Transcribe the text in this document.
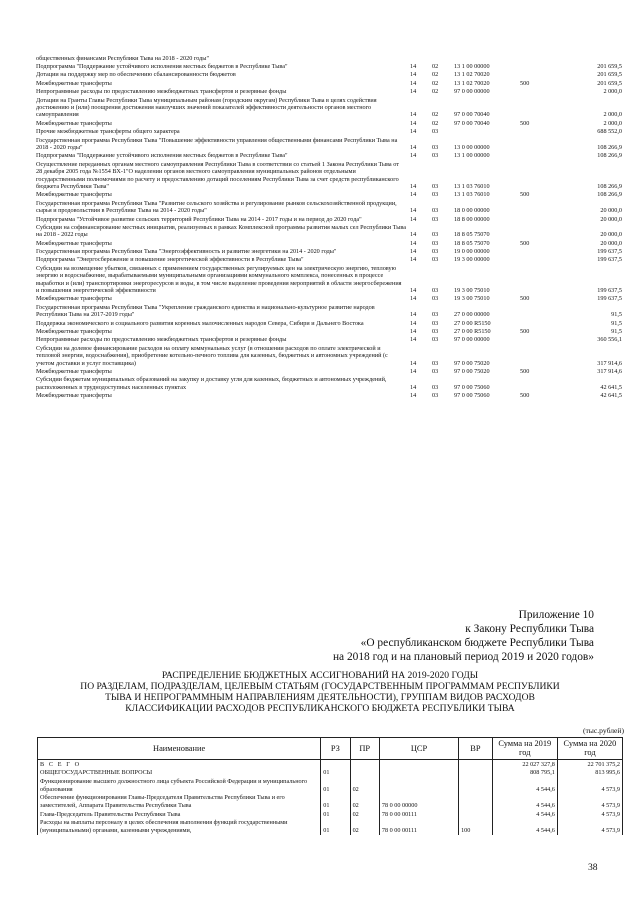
общественных финансами Республики Тыва на 2018 - 2020 годы"					
Подпрограмма "Поддержание устойчивого исполнения местных бюджетов в Республике Тыва"	14	02	13 1 00 00000		201 659,5
Дотации на поддержку мер по обеспечению сбалансированности бюджетов	14	02	13 1 02 70020		201 659,5
Межбюджетные трансферты	14	02	13 1 02 70020	500	201 659,5
Непрограммные расходы по предоставлению межбюджетных трансфертов и резервные фонды	14	02	97 0 00 00000		2 000,0
Дотации на Гранты Главы Республики Тыва муниципальным районам (городским округам) Республики Тыва в целях содействия достижению и (или) поощрения достижения наилучших значений показателей эффективности деятельности органов местного самоуправления	14	02	97 0 00 70040		2 000,0
Межбюджетные трансферты	14	02	97 0 00 70040	500	2 000,0
Прочие межбюджетные трансферты общего характера	14	03			688 552,0
Государственная программа Республики Тыва "Повышение эффективности управления общественными финансами Республики Тыва на 2018 - 2020 годы"	14	03	13 0 00 00000		108 266,9
Подпрограмма "Поддержание устойчивого исполнения местных бюджетов в Республике Тыва"	14	03	13 1 00 00000		108 266,9
Осуществление переданных органам местного самоуправления Республики Тыва в соответствии со статьей 1 Закона Республики Тыва от 28 декабря 2005 года №1554 ВХ-1"О наделении органов местного самоуправления муниципальных районов отдельными государственными полномочиями по расчету и предоставлению дотаций поселениям Республики Тыва за счет средств республиканского бюджета Республики Тыва"	14	03	13 1 03 76010		108 266,9
Межбюджетные трансферты	14	03	13 1 03 76010	500	108 266,9
Государственная программа Республики Тыва "Развитие сельского хозяйства и регулирование рынков сельскохозяйственной продукции, сырья и продовольствия в Республике Тыва на 2014 - 2020 годы"	14	03	18 0 00 00000		20 000,0
Подпрограмма "Устойчивое развитие сельских территорий Республики Тыва на 2014 - 2017 годы и на период до 2020 года"	14	03	18 8 00 00000		20 000,0
Субсидии на софинансирование местных инициатив, реализуемых в рамках Комплексной программы развития малых сел Республики Тыва на 2018 - 2022 годы	14	03	18 8 05 75070		20 000,0
Межбюджетные трансферты	14	03	18 8 05 75070	500	20 000,0
Государственная программа Республики Тыва "Энергоэффективность и развитие энергетики на 2014 - 2020 годы"	14	03	19 0 00 00000		199 637,5
Подпрограмма "Энергосбережение и повышение энергетической эффективности в Республике Тыва"	14	03	19 3 00 00000		199 637,5
Субсидии на возмещение убытков, связанных с применением государственных регулируемых цен на электрическую энергию, тепловую энергию и водоснабжение, вырабатываемыми муниципальными организациями коммунального комплекса, понесенных в процессе выработки и (или) транспортировки энергоресурсов и воды, в том числе выделение проведения мероприятий в области энергосбережения и повышения энергетической эффективности	14	03	19 3 00 75010		199 637,5
Межбюджетные трансферты	14	03	19 3 00 75010	500	199 637,5
Государственная программа Республики Тыва "Укрепление гражданского единства и национально-культурное развитие народов Республики Тыва на 2017-2019 годы"	14	03	27 0 00 00000		91,5
Поддержка экономического и социального развития коренных малочисленных народов Севера, Сибири и Дальнего Востока	14	03	27 0 00 R5150		91,5
Межбюджетные трансферты	14	03	27 0 00 R5150	500	91,5
Непрограммные расходы по предоставлению межбюджетных трансфертов и резервные фонды	14	03	97 0 00 00000		360 556,1
Субсидии на долевое финансирование расходов на оплату коммунальных услуг (в отношении расходов по оплате электрической и тепловой энергии, водоснабжения), приобретение котельно-печного топлива для казенных, бюджетных и автономных учреждений (с учетом доставки и услуг поставщика)	14	03	97 0 00 75020		317 914,6
Межбюджетные трансферты	14	03	97 0 00 75020	500	317 914,6
Субсидии бюджетам муниципальных образований на закупку и доставку угля для казенных, бюджетных и автономных учреждений, расположенных в труднодоступных населенных пунктах	14	03	97 0 00 75060		42 641,5
Межбюджетные трансферты	14	03	97 0 00 75060	500	42 641,5
Приложение 10
к Закону Республики Тыва
«О республиканском бюджете Республики Тыва
на 2018 год и на плановый период 2019 и 2020 годов»
РАСПРЕДЕЛЕНИЕ БЮДЖЕТНЫХ АССИГНОВАНИЙ НА 2019-2020 ГОДЫ
ПО РАЗДЕЛАМ, ПОДРАЗДЕЛАМ, ЦЕЛЕВЫМ СТАТЬЯМ (ГОСУДАРСТВЕННЫМ ПРОГРАММАМ РЕСПУБЛИКИ
ТЫВА И НЕПРОГРАММНЫМ НАПРАВЛЕНИЯМ ДЕЯТЕЛЬНОСТИ), ГРУППАМ ВИДОВ РАСХОДОВ
КЛАССИФИКАЦИИ РАСХОДОВ РЕСПУБЛИКАНСКОГО БЮДЖЕТА РЕСПУБЛИКИ ТЫВА
(тыс.рублей)
Наименование	РЗ	ПР	ЦСР	ВР	Сумма на 2019 год	Сумма на 2020 год
В С Е Г О					22 027 327,8	22 701 375,2
ОБЩЕГОСУДАРСТВЕННЫЕ ВОПРОСЫ	01				808 795,1	813 995,6
Функционирование высшего должностного лица субъекта Российской Федерации и муниципального образования	01	02			4 544,6	4 573,9
Обеспечение функционирования Главы-Председателя Правительства Республики Тыва и его заместителей, Аппарата Правительства Республики Тыва	01	02	78 0 00 00000		4 544,6	4 573,9
Глава-Председатель Правительства Республики Тыва	01	02	78 0 00 00111		4 544,6	4 573,9
Расходы на выплаты персоналу в целях обеспечения выполнения функций государственными (муниципальными) органами, казенными учреждениями,	01	02	78 0 00 00111	100	4 544,6	4 573,9
38
